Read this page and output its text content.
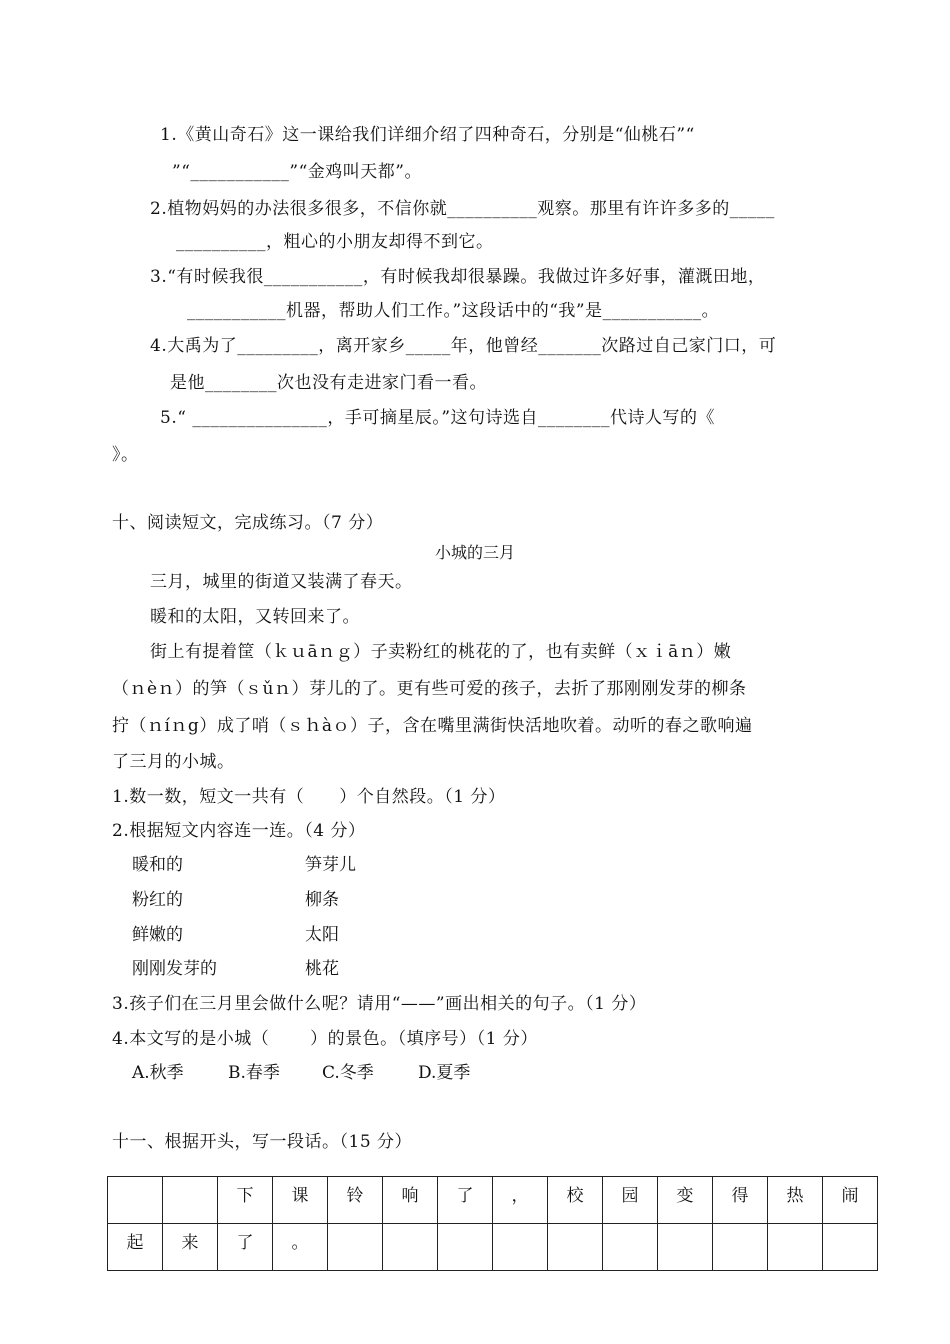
1.《黄山奇石》这一课给我们详细介绍了四种奇石，分别是“仙桃石”“
”“___________”“金鸡叫天都”。
2.植物妈妈的办法很多很多，不信你就__________观察。那里有许许多多的_____
__________，粗心的小朋友却得不到它。
3.“有时候我很___________，有时候我却很暴躁。我做过许多好事，灌溉田地，
___________机器，帮助人们工作。”这段话中的“我”是___________。
4.大禹为了_________，离开家乡_____年，他曾经_______次路过自己家门口，可
是他________次也没有走进家门看一看。
5.“ _______________，手可摘星辰。”这句诗选自________代诗人写的《
》。
十、阅读短文，完成练习。（7 分）
小城的三月
三月，城里的街道又装满了春天。
暖和的太阳，又转回来了。
街上有提着筐（ｋｕāｎｇ）子卖粉红的桃花的了，也有卖鲜（ｘｉāｎ）嫩
（ｎèｎ）的笋（ｓǔｎ）芽儿的了。更有些可爱的孩子，去折了那刚刚发芽的柳条
拧（ｎíｎg）成了哨（ｓｈàｏ）子，含在嘴里满街快活地吹着。动听的春之歌响遍
了三月的小城。
1.数一数，短文一共有（　　）个自然段。（1 分）
2.根据短文内容连一连。（4 分）
暖和的	笋芽儿
粉红的	柳条
鲜嫩的	太阳
刚刚发芽的	桃花
3.孩子们在三月里会做什么呢？请用“——”画出相关的句子。（1 分）
4.本文写的是小城（　　 ）的景色。（填序号）（1 分）
A.秋季	B.春季 C.冬季	D.夏季
十一、根据开头，写一段话。（15 分）
		下	课	铃	响	了	，	校	园	变	得	热	闹
起	来	了	。										
